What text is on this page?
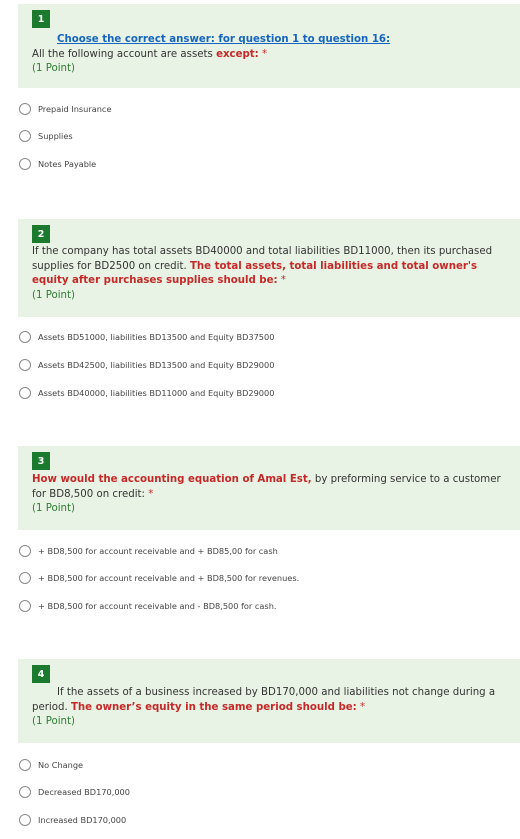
1
Choose the correct answer: for question 1 to question 16:
All the following account are assets except: *
(1 Point)
Prepaid Insurance
Supplies
Notes Payable
2
If the company has total assets BD40000 and total liabilities BD11000, then its purchased supplies for BD2500 on credit. The total assets, total liabilities and total owner's equity after purchases supplies should be: *
(1 Point)
Assets BD51000, liabilities BD13500 and Equity BD37500
Assets BD42500, liabilities BD13500 and Equity BD29000
Assets BD40000, liabilities BD11000 and Equity BD29000
3
How would the accounting equation of Amal Est, by preforming service to a customer for BD8,500 on credit: *
(1 Point)
+ BD8,500 for account receivable and + BD85,00 for cash
+ BD8,500 for account receivable and + BD8,500 for revenues.
+ BD8,500 for account receivable and - BD8,500 for cash.
4
If the assets of a business increased by BD170,000 and liabilities not change during a period. The owner’s equity in the same period should be: *
(1 Point)
No Change
Decreased BD170,000
Increased BD170,000
